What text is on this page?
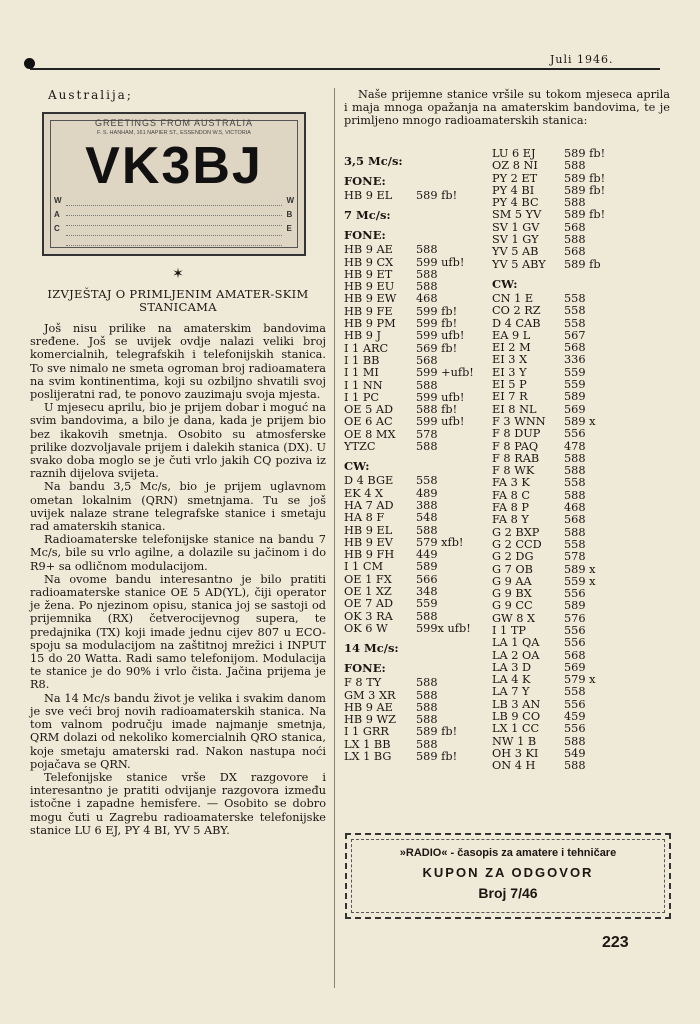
Juli 1946.
Australija;
GREETINGS FROM AUSTRALIA
F. S. HANHAM, 161 NAPIER ST., ESSENDON W.5, VICTORIA
VK3BJ
W
A
C
W
B
E
✶
IZVJEŠTAJ O PRIMLJENIM AMATER-SKIM STANICAMA

Još nisu prilike na amaterskim bandovima sređene. Još se uvijek ovdje nalazi veliki broj komercialnih, telegrafskih i telefonijskih stanica. To sve nimalo ne smeta ogroman broj radioamatera na svim kontinentima, koji su ozbiljno shvatili svoj poslijeratni rad, te ponovo zauzimaju svoja mjesta.

U mjesecu aprilu, bio je prijem dobar i moguć na svim bandovima, a bilo je dana, kada je prijem bio bez ikakovih smetnja. Osobito su atmosferske prilike dozvoljavale prijem i dalekih stanica (DX). U svako doba moglo se je čuti vrlo jakih CQ poziva iz raznih dijelova svijeta.

Na bandu 3,5 Mc/s, bio je prijem uglavnom ometan lokalnim (QRN) smetnjama. Tu se još uvijek nalaze strane telegrafske stanice i smetaju rad amaterskih stanica.

Radioamaterske telefonijske stanice na bandu 7 Mc/s, bile su vrlo agilne, a dolazile su jačinom i do R9+ sa odličnom modulacijom.

Na ovome bandu interesantno je bilo pratiti radioamaterske stanice OE 5 AD(YL), čiji operator je žena. Po njezinom opisu, stanica joj se sastoji od prijemnika (RX) četverocijevnog supera, te predajnika (TX) koji imade jednu cijev 807 u ECO-spoju sa modulacijom na zaštitnoj mrežici i INPUT 15 do 20 Watta. Radi samo telefonijom. Modulacija te stanice je do 90% i vrlo čista. Jačina prijema je R8.

Na 14 Mc/s bandu život je velika i svakim danom je sve veći broj novih radioamaterskih stanica. Na tom valnom području imade najmanje smetnja, QRM dolazi od nekoliko komercialnih QRO stanica, koje smetaju amaterski rad. Nakon nastupa noći pojačava se QRN.

Telefonijske stanice vrše DX razgovore i interesantno je pratiti odvijanje razgovora između istočne i zapadne hemisfere. — Osobito se dobro mogu čuti u Zagrebu radioamaterske telefonijske stanice LU 6 EJ, PY 4 BI, YV 5 ABY.

Naše prijemne stanice vršile su tokom mjeseca aprila i maja mnoga opažanja na amaterskim bandovima, te je primljeno mnogo radioamaterskih stanica:

3,5 Mc/s:
FONE:
HB 9 EL	589 fb!
7 Mc/s:
FONE:
HB 9 AE	588
HB 9 CX	599 ufb!
HB 9 ET	588
HB 9 EU	588
HB 9 EW	468
HB 9 FE	599 fb!
HB 9 PM	599 fb!
HB 9 J	599 ufb!
I 1 ARC	569 fb!
I 1 BB	568
I 1 MI	599 +ufb!
I 1 NN	588
I 1 PC	599 ufb!
OE 5 AD	588 fb!
OE 6 AC	599 ufb!
OE 8 MX	578
YTZC	588
CW:
D 4 BGE	558
EK 4 X	489
HA 7 AD	388
HA 8 F	548
HB 9 EL	588
HB 9 EV	579 xfb!
HB 9 FH	449
I 1 CM	589
OE 1 FX	566
OE 1 XZ	348
OE 7 AD	559
OK 3 RA	588
OK 6 W	599x ufb!
14 Mc/s:
FONE:
F 8 TY	588
GM 3 XR	588
HB 9 AE	588
HB 9 WZ	588
I 1 GRR	589 fb!
LX 1 BB	588
LX 1 BG	589 fb!
LU 6 EJ	589 fb!
OZ 8 NI	588
PY 2 ET	589 fb!
PY 4 BI	589 fb!
PY 4 BC	588
SM 5 YV	589 fb!
SV 1 GV	568
SV 1 GY	588
YV 5 AB	568
YV 5 ABY	589 fb
CW:
CN 1 E	558
CO 2 RZ	558
D 4 CAB	558
EA 9 L	567
EI 2 M	568
EI 3 X	336
EI 3 Y	559
EI 5 P	559
EI 7 R	589
EI 8 NL	569
F 3 WNN	589 x
F 8 DUP	556
F 8 PAQ	478
F 8 RAB	588
F 8 WK	588
FA 3 K	558
FA 8 C	588
FA 8 P	468
FA 8 Y	568
G 2 BXP	588
G 2 CCD	558
G 2 DG	578
G 7 OB	589 x
G 9 AA	559 x
G 9 BX	556
G 9 CC	589
GW 8 X	576
I 1 TP	556
LA 1 QA	556
LA 2 OA	568
LA 3 D	569
LA 4 K	579 x
LA 7 Y	558
LB 3 AN	556
LB 9 CO	459
LX 1 CC	556
NW 1 B	588
OH 3 KI	549
ON 4 H	588
»RADIO« - časopis za amatere i tehničare
KUPON ZA ODGOVOR
Broj 7/46
223
